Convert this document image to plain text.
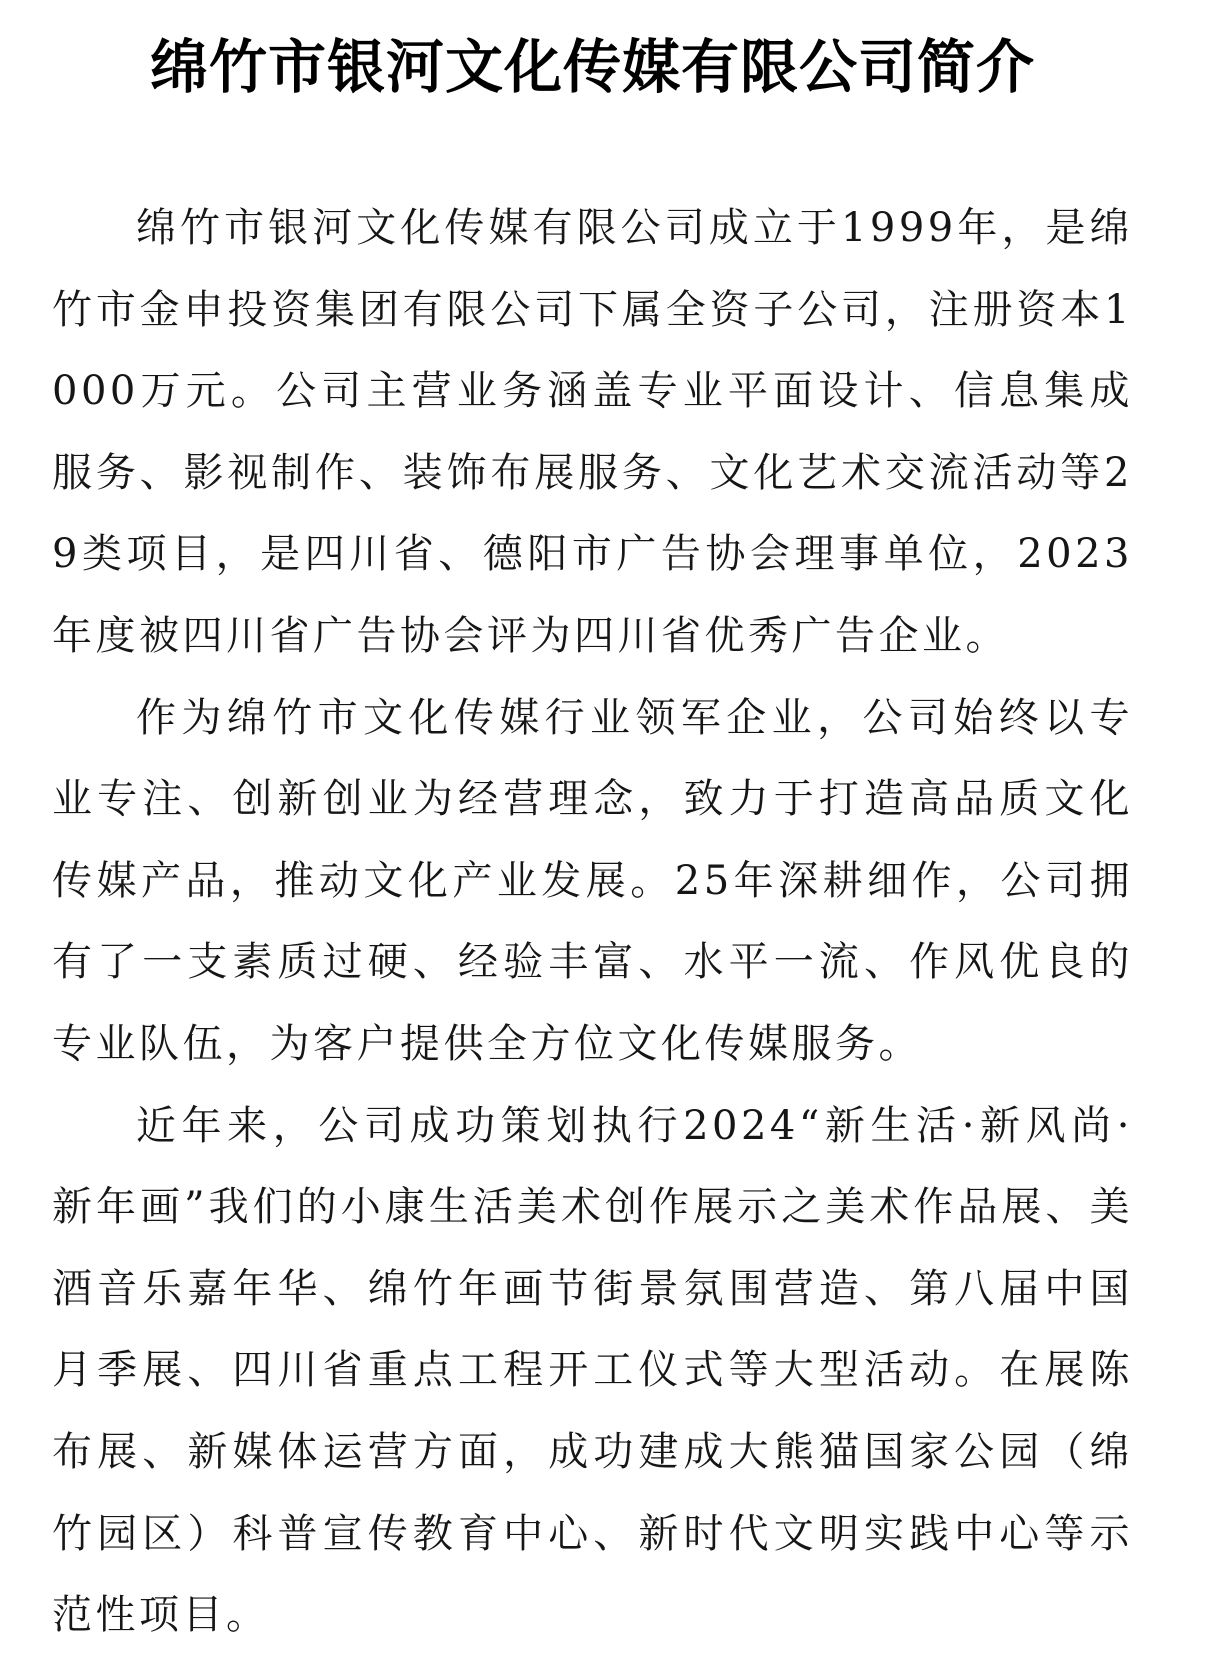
绵竹市银河文化传媒有限公司简介

绵竹市银河文化传媒有限公司成立于1999年，是绵竹市金申投资集团有限公司下属全资子公司，注册资本1000万元。公司主营业务涵盖专业平面设计、信息集成服务、影视制作、装饰布展服务、文化艺术交流活动等29类项目，是四川省、德阳市广告协会理事单位，2023年度被四川省广告协会评为四川省优秀广告企业。

作为绵竹市文化传媒行业领军企业，公司始终以专业专注、创新创业为经营理念，致力于打造高品质文化传媒产品，推动文化产业发展。25年深耕细作，公司拥有了一支素质过硬、经验丰富、水平一流、作风优良的专业队伍，为客户提供全方位文化传媒服务。

近年来，公司成功策划执行2024“新生活·新风尚·新年画”我们的小康生活美术创作展示之美术作品展、美酒音乐嘉年华、绵竹年画节街景氛围营造、第八届中国月季展、四川省重点工程开工仪式等大型活动。在展陈布展、新媒体运营方面，成功建成大熊猫国家公园（绵竹园区）科普宣传教育中心、新时代文明实践中心等示范性项目。
